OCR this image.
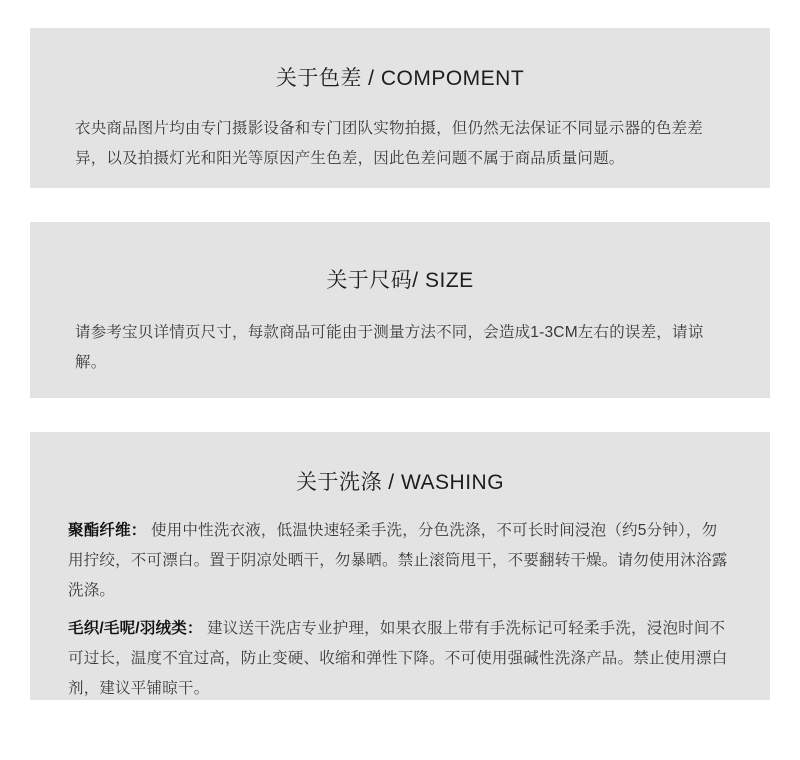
关于色差 / COMPOMENT
衣央商品图片均由专门摄影设备和专门团队实物拍摄，但仍然无法保证不同显示器的色差差异，以及拍摄灯光和阳光等原因产生色差，因此色差问题不属于商品质量问题。
关于尺码/ SIZE
请参考宝贝详情页尺寸，每款商品可能由于测量方法不同，会造成1-3CM左右的误差，请谅解。
关于洗涤 / WASHING
聚酯纤维： 使用中性洗衣液，低温快速轻柔手洗，分色洗涤，不可长时间浸泡（约5分钟），勿用拧绞，不可漂白。置于阴凉处晒干，勿暴晒。禁止滚筒甩干，不要翻转干燥。请勿使用沐浴露洗涤。
毛织/毛呢/羽绒类： 建议送干洗店专业护理，如果衣服上带有手洗标记可轻柔手洗，浸泡时间不可过长，温度不宜过高，防止变硬、收缩和弹性下降。不可使用强碱性洗涤产品。禁止使用漂白剂，建议平铺晾干。
